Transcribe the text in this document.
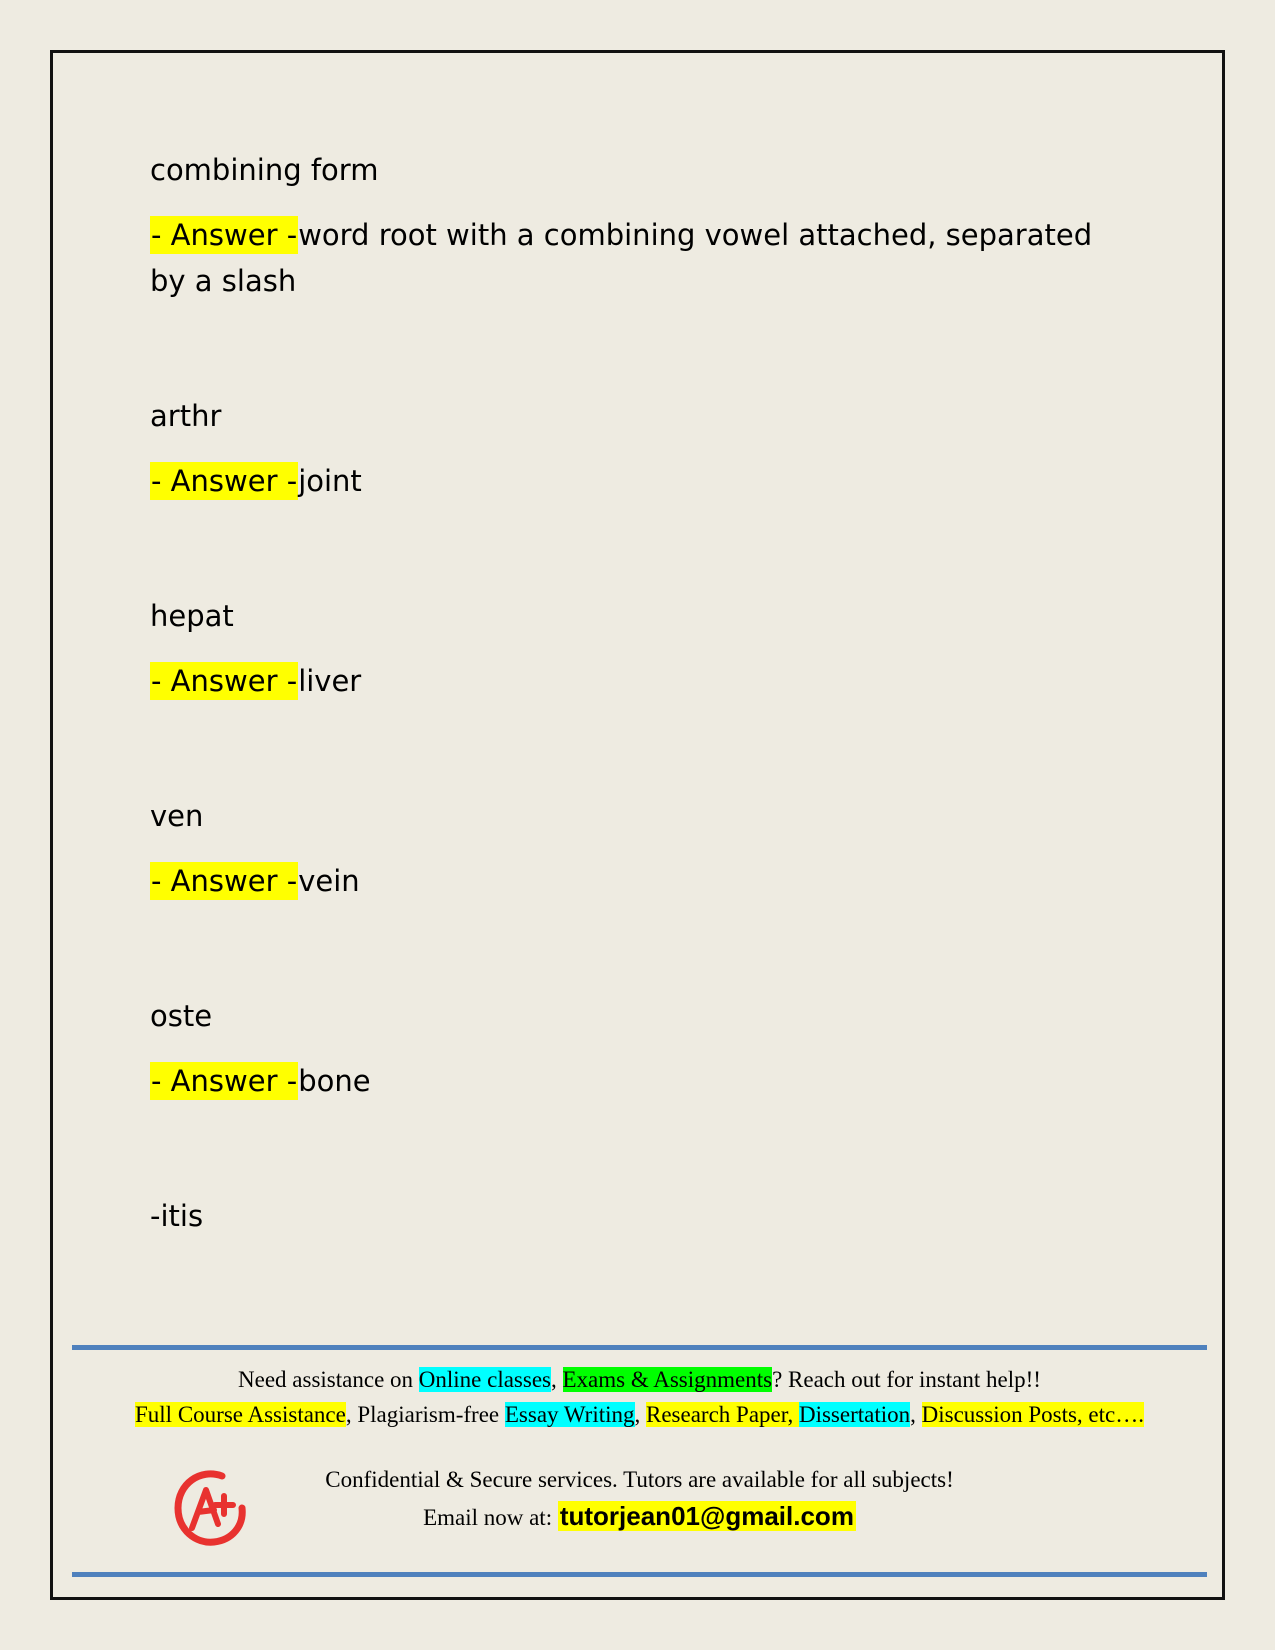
combining form

- Answer -word root with a combining vowel attached, separated by a slash

arthr

- Answer -joint

hepat

- Answer -liver

ven

- Answer -vein

oste

- Answer -bone

-itis

Need assistance on Online classes, Exams & Assignments? Reach out for instant help!!
Full Course Assistance, Plagiarism-free Essay Writing, Research Paper, Dissertation, Discussion Posts, etc….
Confidential & Secure services. Tutors are available for all subjects!
Email now at: tutorjean01@gmail.com
